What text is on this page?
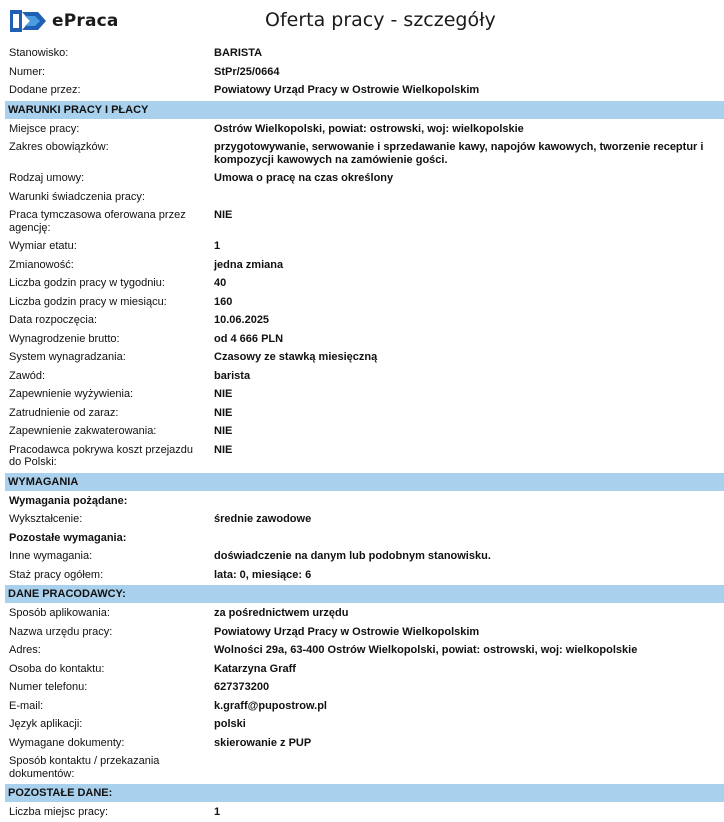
ePraca	Oferta pracy - szczegóły
Stanowisko:	BARISTA
Numer:	StPr/25/0664
Dodane przez:	Powiatowy Urząd Pracy w Ostrowie Wielkopolskim
WARUNKI PRACY I PŁACY
Miejsce pracy:	Ostrów Wielkopolski, powiat: ostrowski, woj: wielkopolskie
Zakres obowiązków:	przygotowywanie, serwowanie i sprzedawanie kawy, napojów kawowych, tworzenie receptur i kompozycji kawowych na zamówienie gości.
Rodzaj umowy:	Umowa o pracę na czas określony
Warunki świadczenia pracy:
Praca tymczasowa oferowana przez agencję:
NIE
Wymiar etatu:	1
Zmianowość:	jedna zmiana
Liczba godzin pracy w tygodniu:	40
Liczba godzin pracy w miesiącu:	160
Data rozpoczęcia:	10.06.2025
Wynagrodzenie brutto:	od 4 666 PLN
System wynagradzania:	Czasowy ze stawką miesięczną
Zawód:	barista
Zapewnienie wyżywienia:	NIE
Zatrudnienie od zaraz:	NIE
Zapewnienie zakwaterowania:	NIE
Pracodawca pokrywa koszt przejazdu do Polski:
NIE
WYMAGANIA
Wymagania pożądane:
Wykształcenie:	średnie zawodowe
Pozostałe wymagania:
Inne wymagania:	doświadczenie na danym lub podobnym stanowisku.
Staż pracy ogółem:	lata: 0, miesiące: 6
DANE PRACODAWCY:
Sposób aplikowania:	za pośrednictwem urzędu
Nazwa urzędu pracy:	Powiatowy Urząd Pracy w Ostrowie Wielkopolskim
Adres:	Wolności 29a, 63-400 Ostrów Wielkopolski, powiat: ostrowski, woj: wielkopolskie
Osoba do kontaktu:	Katarzyna Graff
Numer telefonu:	627373200
E-mail:	k.graff@pupostrow.pl
Język aplikacji:	polski
Wymagane dokumenty:	skierowanie z PUP
Sposób kontaktu / przekazania dokumentów:
POZOSTAŁE DANE:
Liczba miejsc pracy:	1
